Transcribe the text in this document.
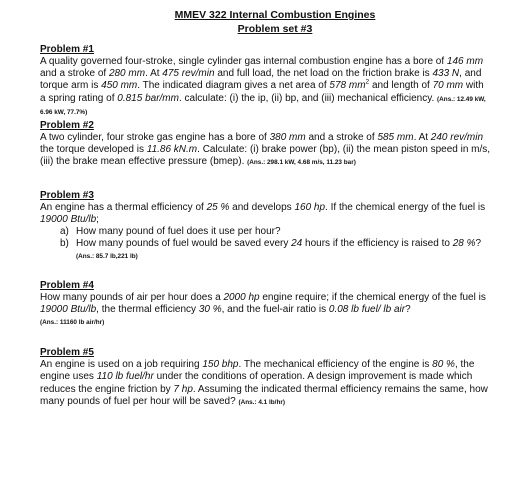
MMEV 322 Internal Combustion Engines
Problem set #3
Problem #1
A quality governed four-stroke, single cylinder gas internal combustion engine has a bore of 146 mm and a stroke of 280 mm. At 475 rev/min and full load, the net load on the friction brake is 433 N, and torque arm is 450 mm. The indicated diagram gives a net area of 578 $mm^2$ and length of 70 mm with a spring rating of 0.815 bar/mm. calculate: (i) the ip, (ii) bp, and (iii) mechanical efficiency. (Ans.: 12.49 kW, 6.96 kW, 77.7%)
Problem #2
A two cylinder, four stroke gas engine has a bore of 380 mm and a stroke of 585 mm. At 240 rev/min the torque developed is 11.86 kN.m. Calculate: (i) brake power (bp), (ii) the mean piston speed in m/s, (iii) the brake mean effective pressure (bmep). (Ans.: 298.1 kW, 4.68 m/s, 11.23 bar)
Problem #3
An engine has a thermal efficiency of 25 % and develops 160 hp. If the chemical energy of the fuel is 19000 Btu/lb;
a) How many pound of fuel does it use per hour?
b) How many pounds of fuel would be saved every 24 hours if the efficiency is raised to 28 %? (Ans.: 85.7 lb,221 lb)
Problem #4
How many pounds of air per hour does a 2000 hp engine require; if the chemical energy of the fuel is 19000 Btu/lb, the thermal efficiency 30 %, and the fuel-air ratio is 0.08 lb fuel/ lb air?
(Ans.: 11160 lb air/hr)
Problem #5
An engine is used on a job requiring 150 bhp. The mechanical efficiency of the engine is 80 %, the engine uses 110 lb fuel/hr under the conditions of operation. A design improvement is made which reduces the engine friction by 7 hp. Assuming the indicated thermal efficiency remains the same, how many pounds of fuel per hour will be saved? (Ans.: 4.1 lb/hr)
